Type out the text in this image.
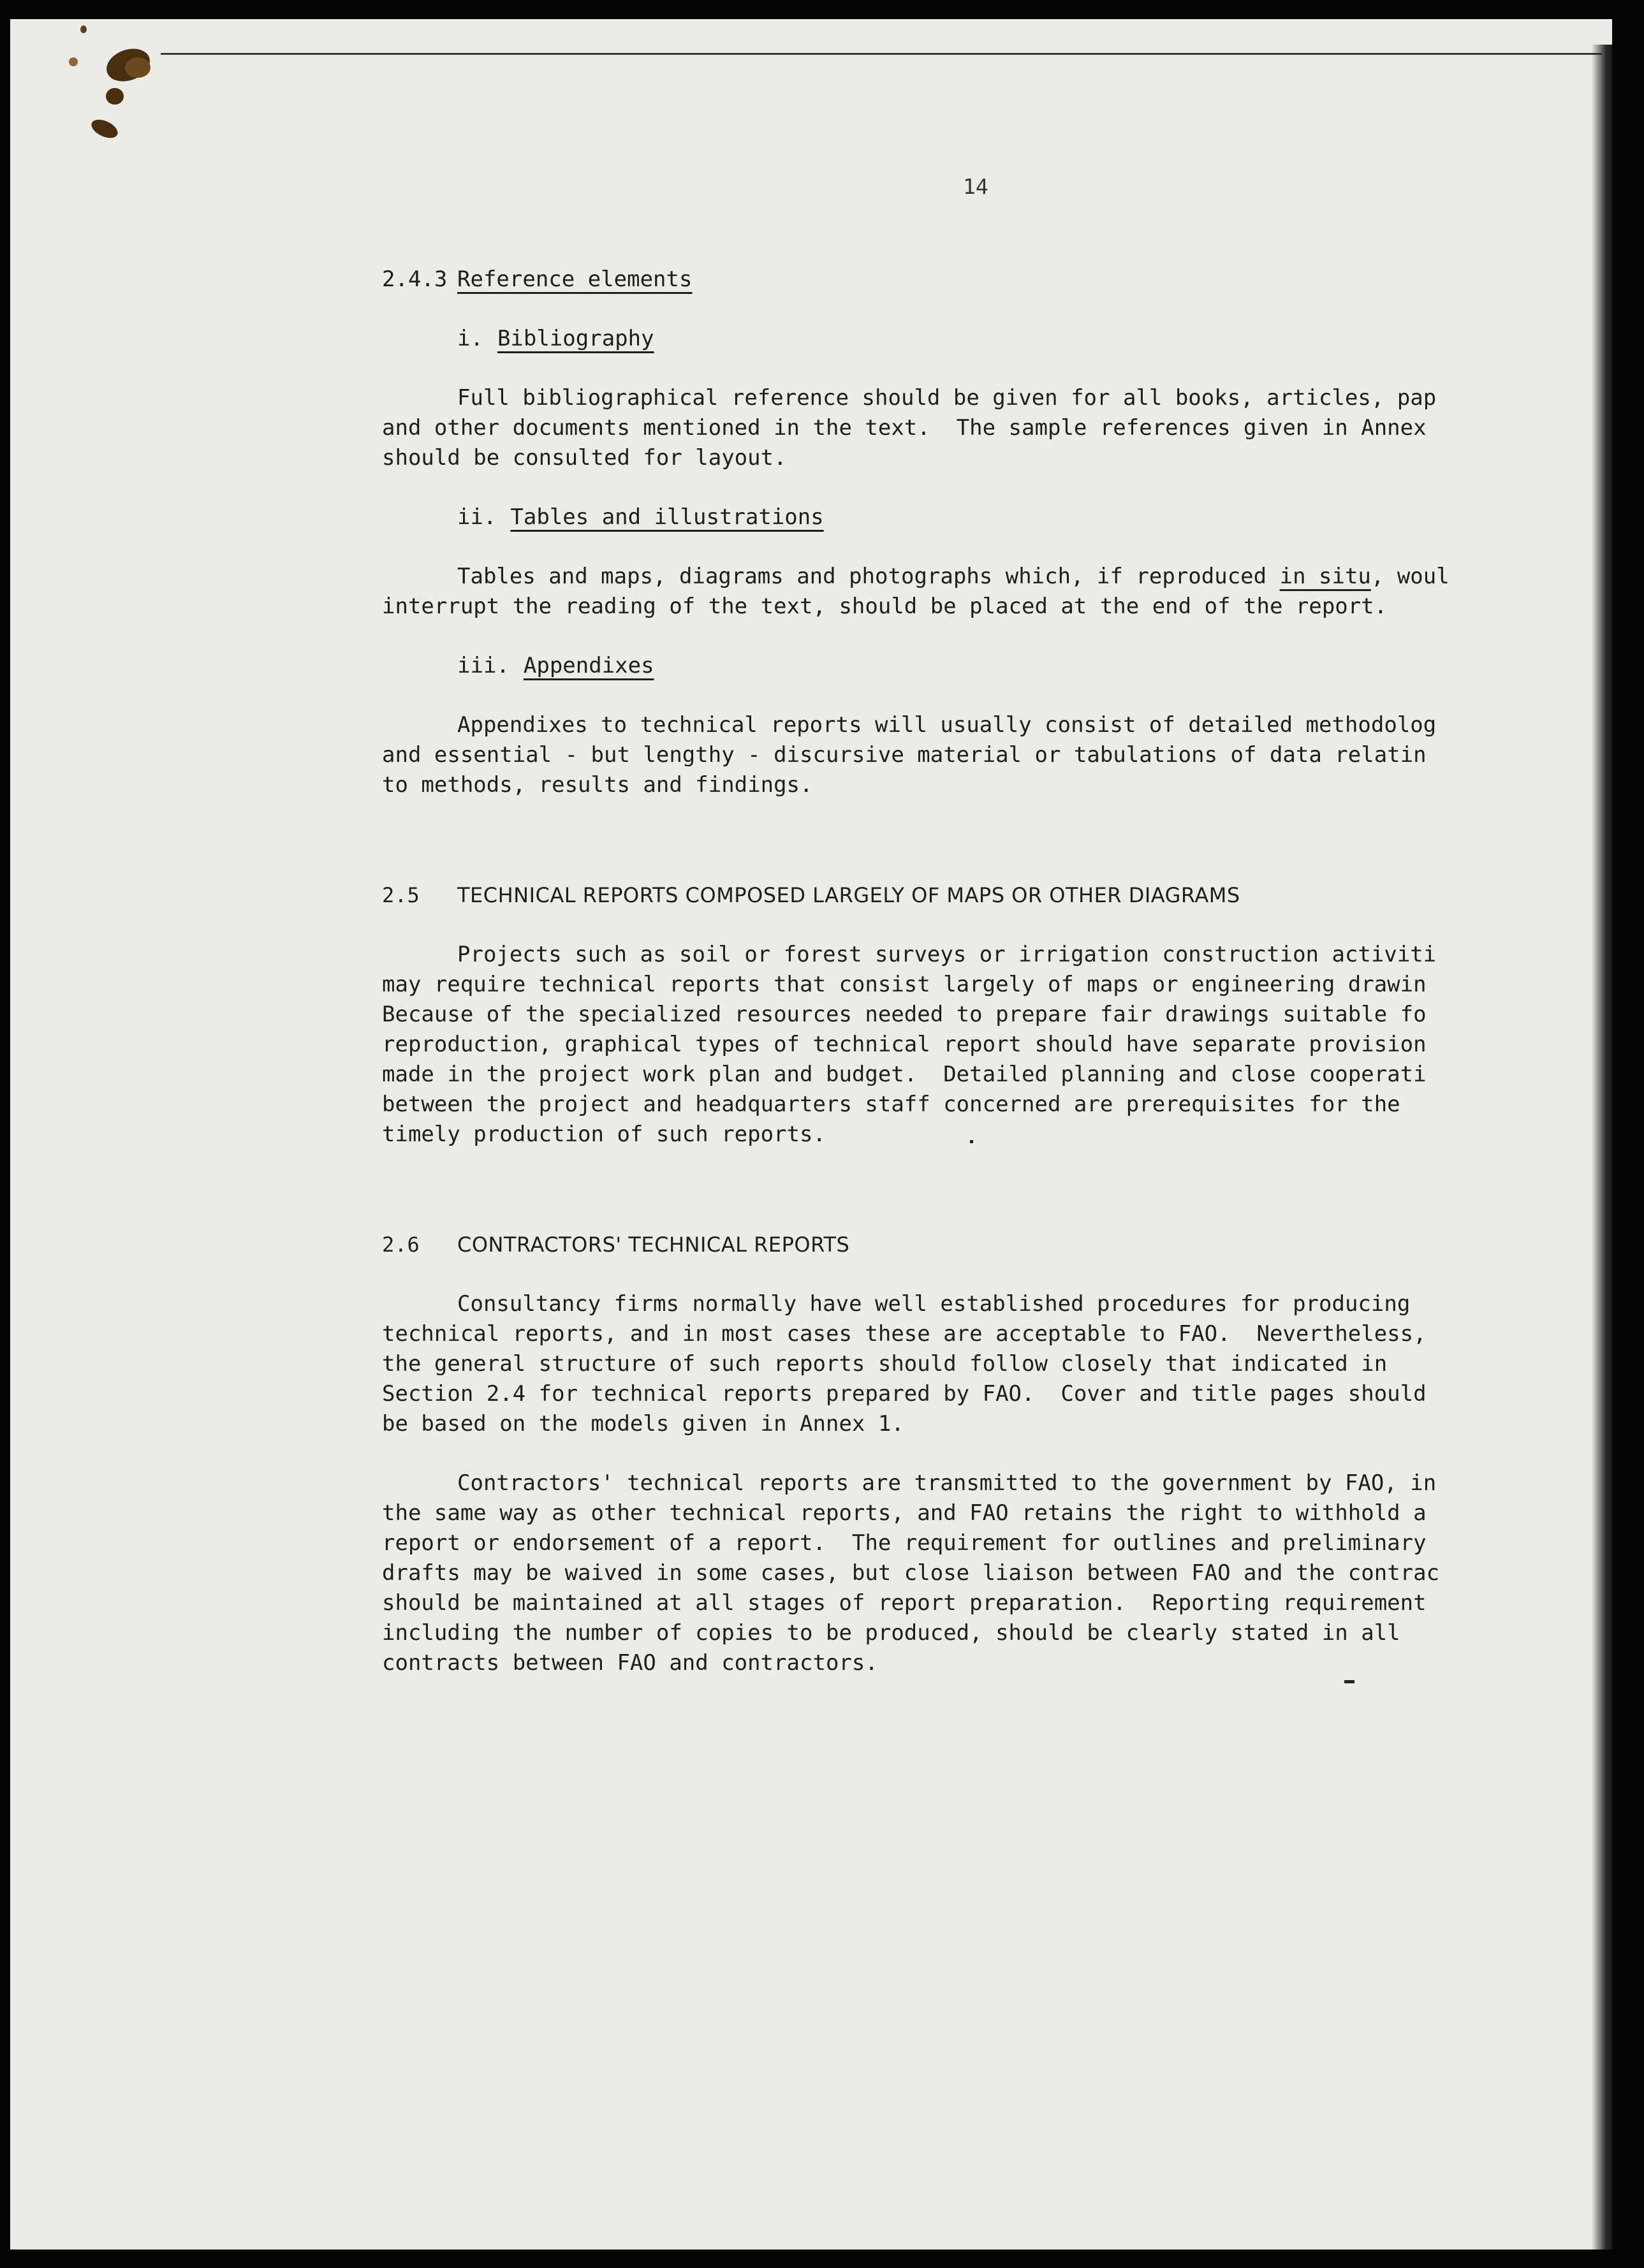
14
2.4.3 Reference elements
i. Bibliography
Full bibliographical reference should be given for all books, articles, pap
and other documents mentioned in the text.  The sample references given in Annex
should be consulted for layout.
ii. Tables and illustrations
Tables and maps, diagrams and photographs which, if reproduced in situ, woul
interrupt the reading of the text, should be placed at the end of the report.
iii. Appendixes
Appendixes to technical reports will usually consist of detailed methodolog
and essential - but lengthy - discursive material or tabulations of data relatin
to methods, results and findings.
2.5 TECHNICAL REPORTS COMPOSED LARGELY OF MAPS OR OTHER DIAGRAMS
Projects such as soil or forest surveys or irrigation construction activiti
may require technical reports that consist largely of maps or engineering drawin
Because of the specialized resources needed to prepare fair drawings suitable fo
reproduction, graphical types of technical report should have separate provision
made in the project work plan and budget.  Detailed planning and close cooperati
between the project and headquarters staff concerned are prerequisites for the
timely production of such reports.
2.6 CONTRACTORS' TECHNICAL REPORTS
Consultancy firms normally have well established procedures for producing
technical reports, and in most cases these are acceptable to FAO.  Nevertheless,
the general structure of such reports should follow closely that indicated in
Section 2.4 for technical reports prepared by FAO.  Cover and title pages should
be based on the models given in Annex 1.
Contractors' technical reports are transmitted to the government by FAO, in
the same way as other technical reports, and FAO retains the right to withhold a
report or endorsement of a report.  The requirement for outlines and preliminary
drafts may be waived in some cases, but close liaison between FAO and the contrac
should be maintained at all stages of report preparation.  Reporting requirement
including the number of copies to be produced, should be clearly stated in all
contracts between FAO and contractors.
